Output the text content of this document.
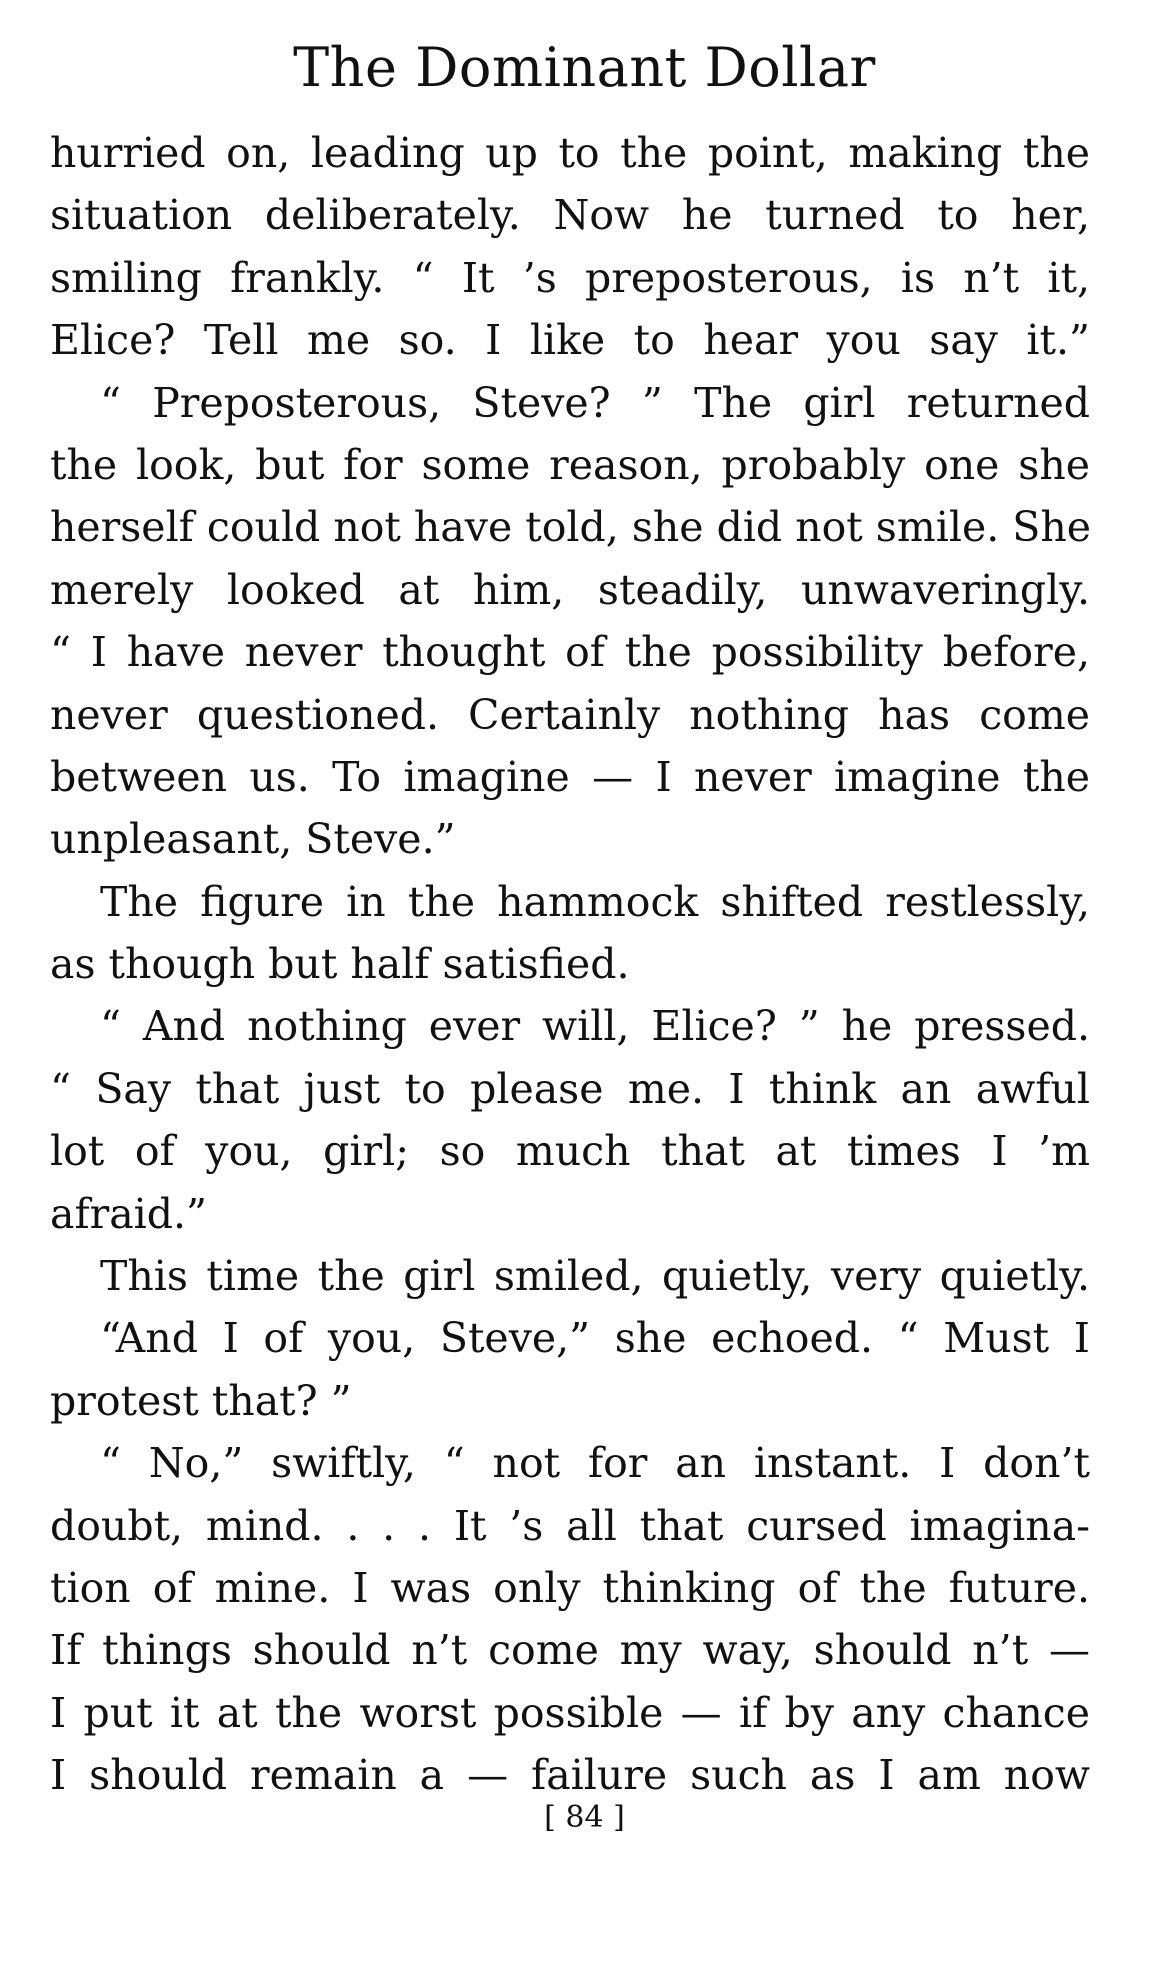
The Dominant Dollar
hurried on, leading up to the point, making the
situation deliberately. Now he turned to her,
smiling frankly. “ It ’s preposterous, is n’t it,
Elice? Tell me so. I like to hear you say it.”
“ Preposterous, Steve? ” The girl returned
the look, but for some reason, probably one she
herself could not have told, she did not smile. She
merely looked at him, steadily, unwaveringly.
“ I have never thought of the possibility before,
never questioned. Certainly nothing has come
between us. To imagine — I never imagine the
unpleasant, Steve.”
The figure in the hammock shifted restlessly,
as though but half satisfied.
“ And nothing ever will, Elice? ” he pressed.
“ Say that just to please me. I think an awful
lot of you, girl; so much that at times I ’m
afraid.”
This time the girl smiled, quietly, very quietly.
“And I of you, Steve,” she echoed. “ Must I
protest that? ”
“ No,” swiftly, “ not for an instant. I don’t
doubt, mind. . . . It ’s all that cursed imagina-
tion of mine. I was only thinking of the future.
If things should n’t come my way, should n’t —
I put it at the worst possible — if by any chance
I should remain a — failure such as I am now
[ 84 ]
